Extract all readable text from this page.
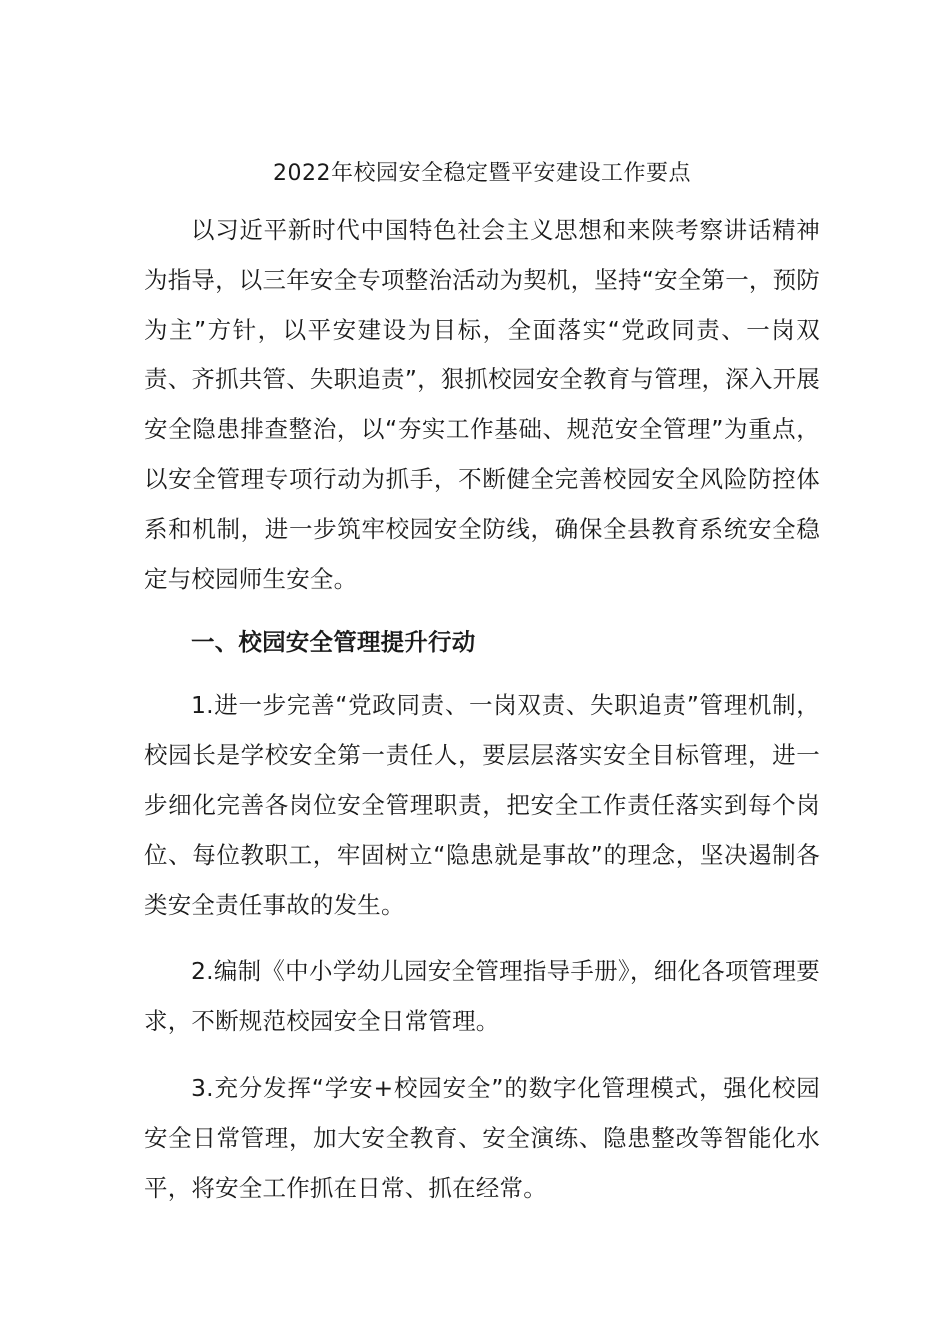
2022年校园安全稳定暨平安建设工作要点

以习近平新时代中国特色社会主义思想和来陕考察讲话精神为指导，以三年安全专项整治活动为契机，坚持“安全第一，预防为主”方针，以平安建设为目标，全面落实“党政同责、一岗双责、齐抓共管、失职追责”，狠抓校园安全教育与管理，深入开展安全隐患排查整治，以“夯实工作基础、规范安全管理”为重点，以安全管理专项行动为抓手，不断健全完善校园安全风险防控体系和机制，进一步筑牢校园安全防线，确保全县教育系统安全稳定与校园师生安全。

一、校园安全管理提升行动

1.进一步完善“党政同责、一岗双责、失职追责”管理机制，校园长是学校安全第一责任人，要层层落实安全目标管理，进一步细化完善各岗位安全管理职责，把安全工作责任落实到每个岗位、每位教职工，牢固树立“隐患就是事故”的理念，坚决遏制各类安全责任事故的发生。

2.编制《中小学幼儿园安全管理指导手册》，细化各项管理要求，不断规范校园安全日常管理。

3.充分发挥“学安+校园安全”的数字化管理模式，强化校园安全日常管理，加大安全教育、安全演练、隐患整改等智能化水平，将安全工作抓在日常、抓在经常。
